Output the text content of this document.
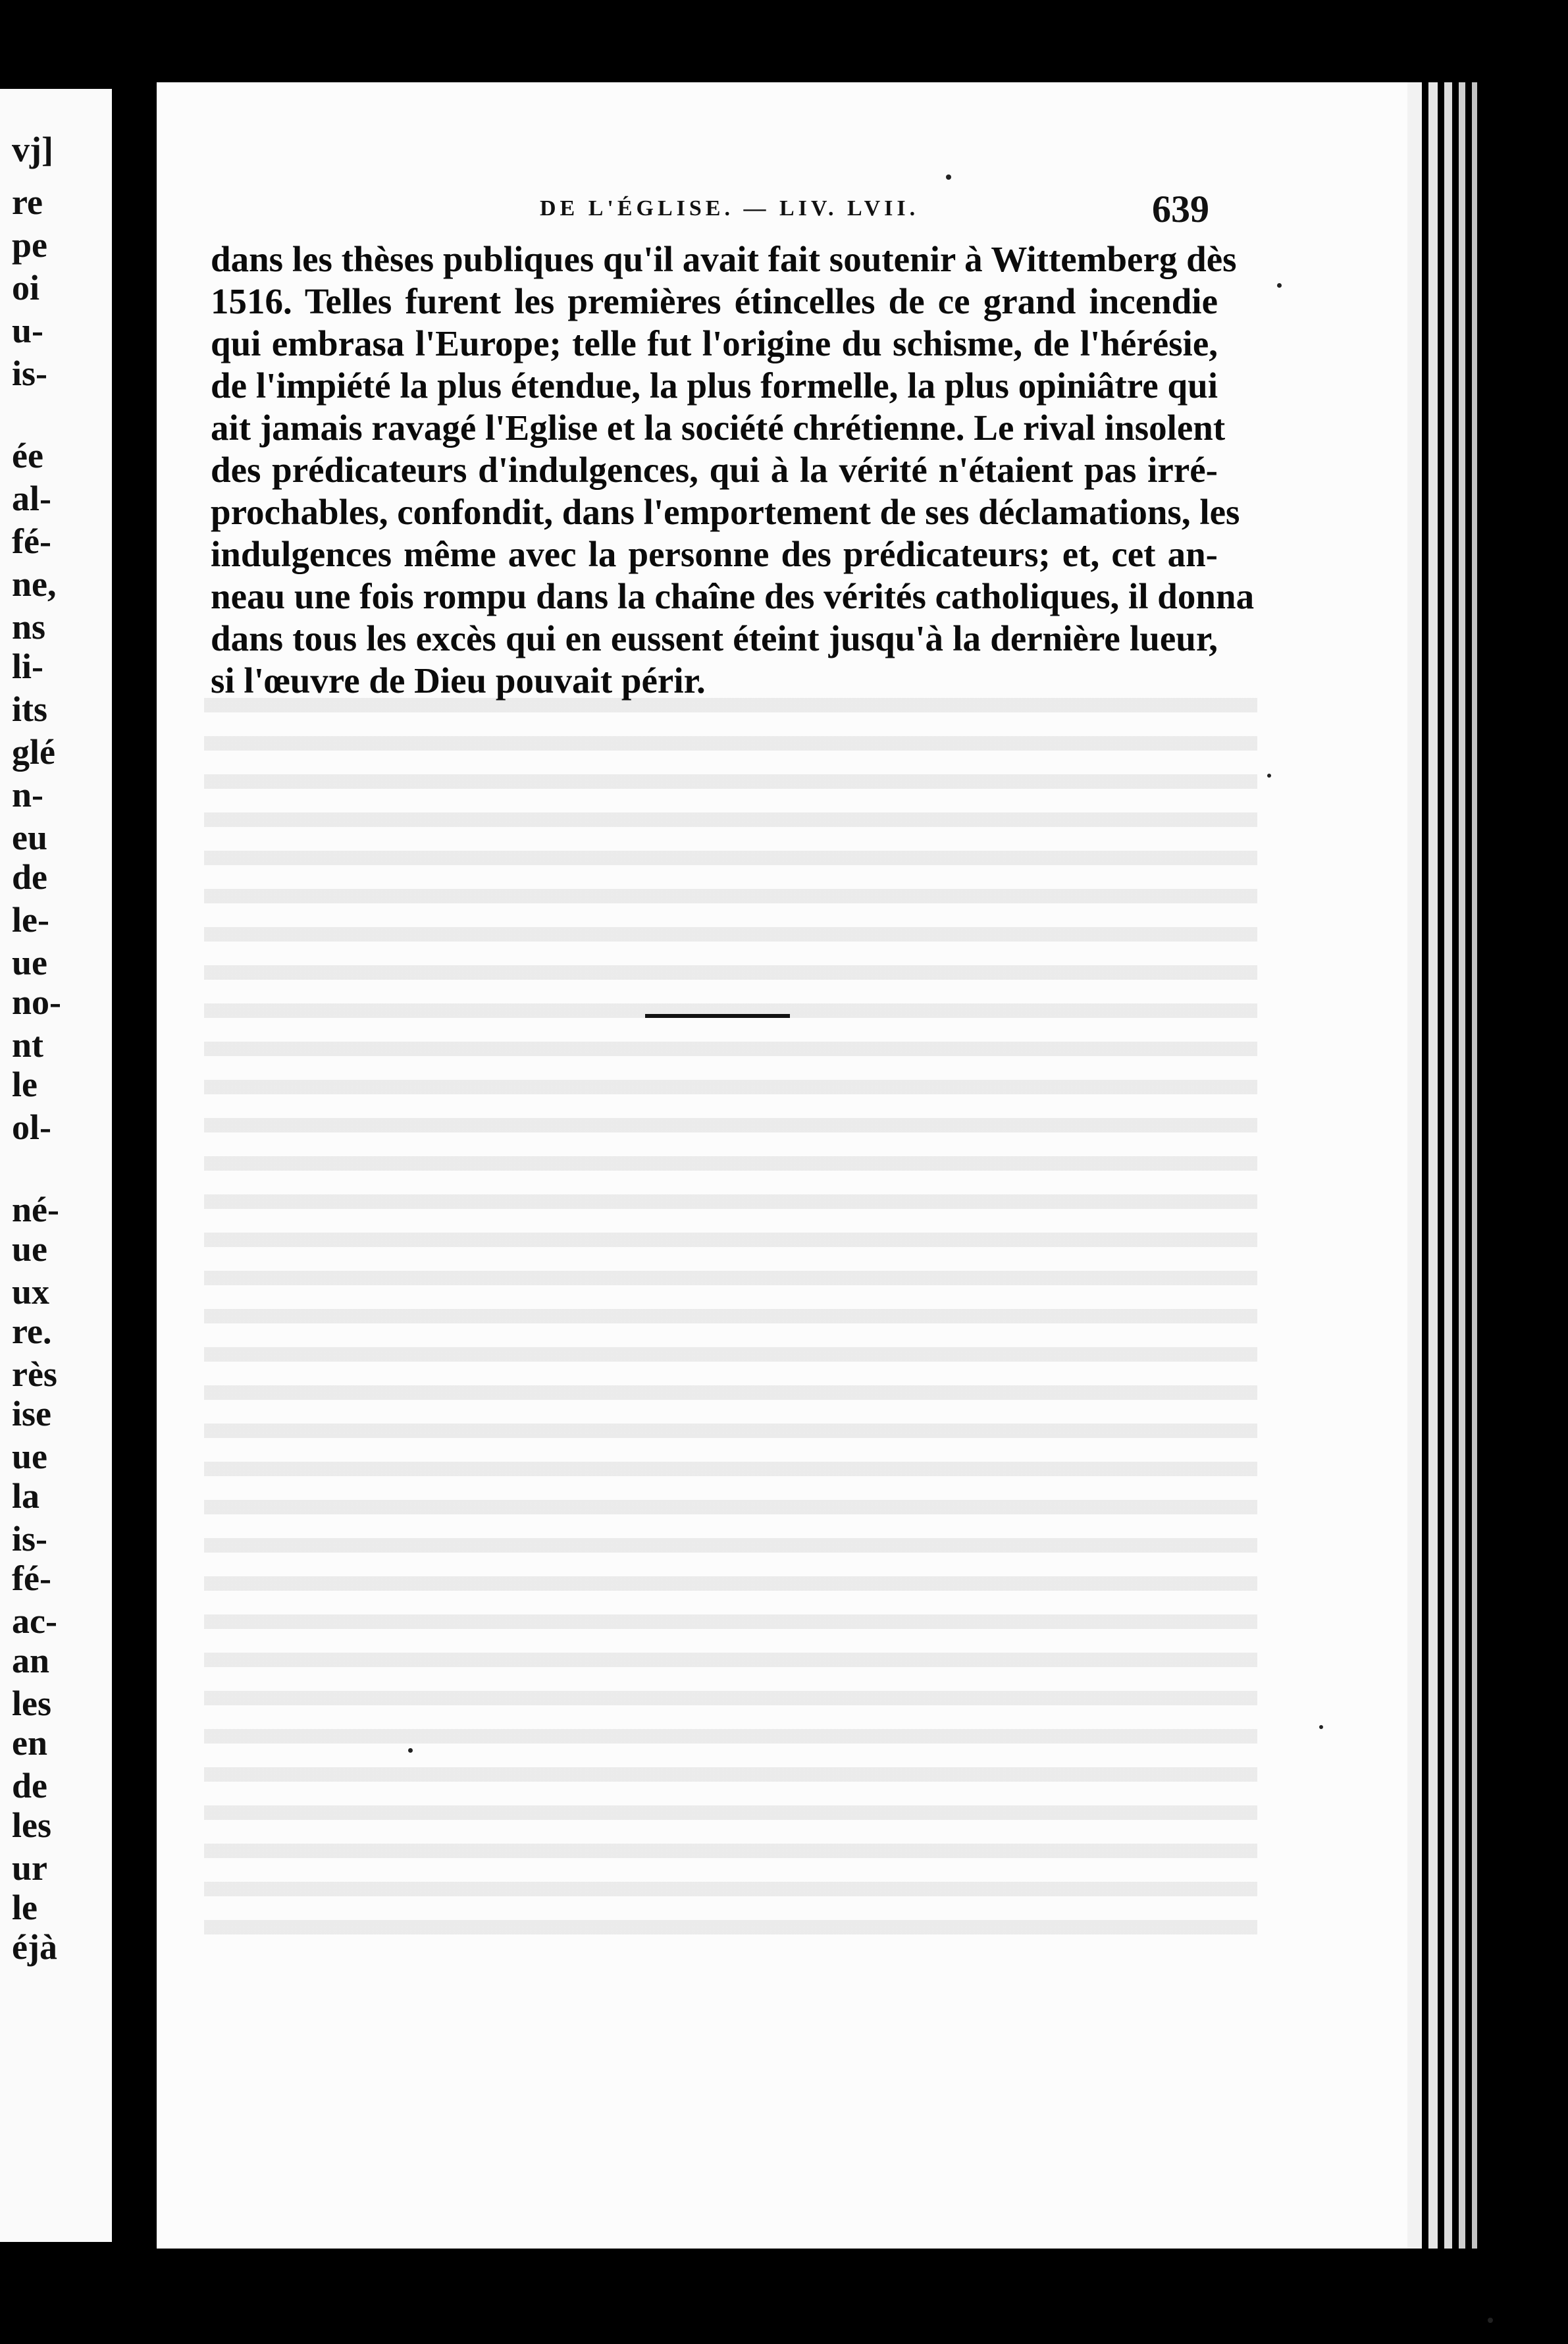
vj]
re
pe
oi
u-
is-
ée
al-
fé-
ne,
ns
li-
its
glé
n-
eu
de
le-
ue
no-
nt
le
ol-
né-
ue
ux
re.
rès
ise
ue
la
is-
fé-
ac-
an
les
en
de
les
ur
le
éjà
DE L'ÉGLISE. — LIV. LVII.	639
dans les thèses publiques qu'il avait fait soutenir à Wittemberg dès
1516. Telles furent les premières étincelles de ce grand incendie
qui embrasa l'Europe; telle fut l'origine du schisme, de l'hérésie,
de l'impiété la plus étendue, la plus formelle, la plus opiniâtre qui
ait jamais ravagé l'Eglise et la société chrétienne. Le rival insolent
des prédicateurs d'indulgences, qui à la vérité n'étaient pas irré-
prochables, confondit, dans l'emportement de ses déclamations, les
indulgences même avec la personne des prédicateurs; et, cet an-
neau une fois rompu dans la chaîne des vérités catholiques, il donna
dans tous les excès qui en eussent éteint jusqu'à la dernière lueur,
si l'œuvre de Dieu pouvait périr.
